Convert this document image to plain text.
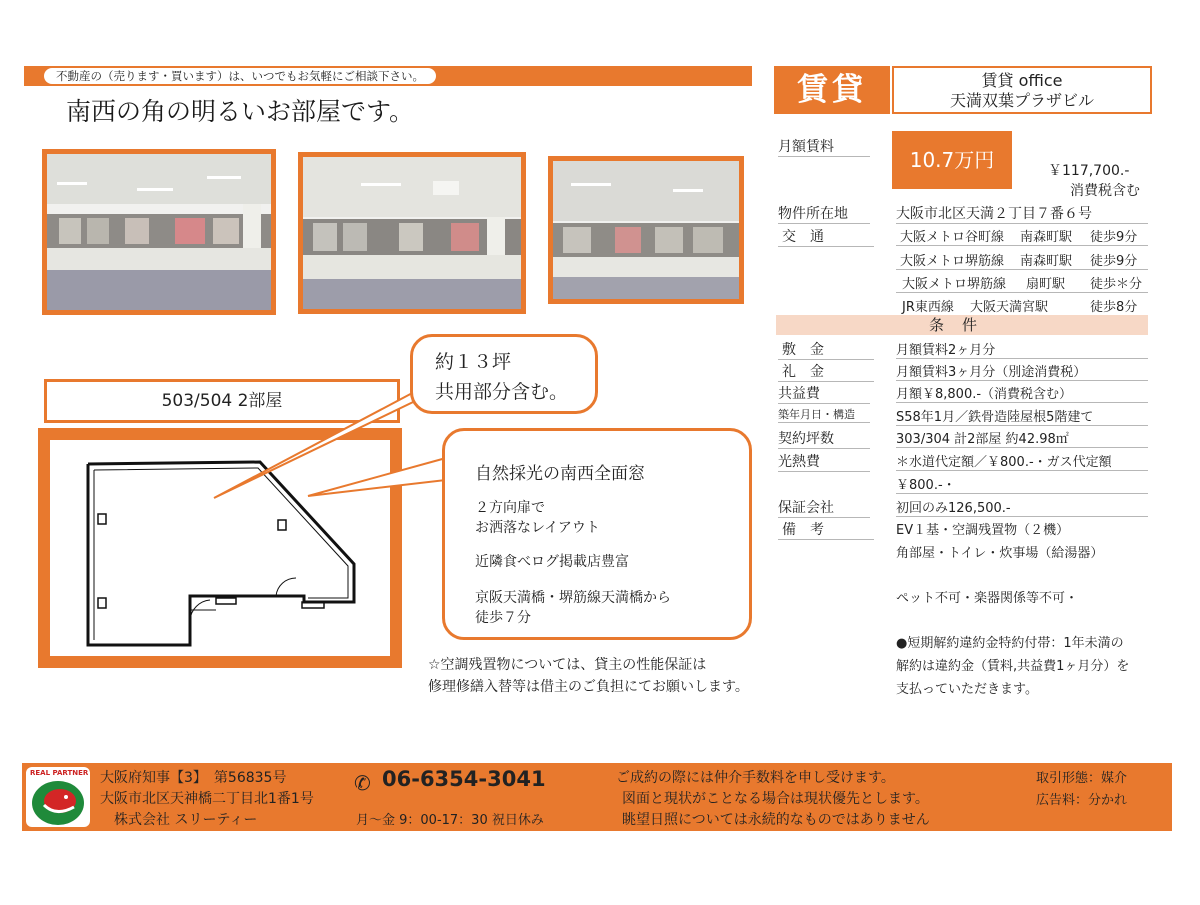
不動産の（売ります・買います）は、いつでもお気軽にご相談下さい。
南西の角の明るいお部屋です。
賃貸	賃貸 office
天満双葉プラザビル
月額賃料
10.7万円	￥117,700.-
消費税含む
物件所在地	大阪市北区天満２丁目７番６号
交　通	大阪メトロ谷町線 南森町駅 徒歩9分
大阪メトロ堺筋線 南森町駅 徒歩9分
大阪メトロ堺筋線 扇町駅 徒歩＊分
JR東西線 大阪天満宮駅	徒歩8分
条件
敷　金	月額賃料2ヶ月分
礼　金	月額賃料3ヶ月分（別途消費税）
共益費	月額￥8,800.-（消費税含む）
築年月日・構造	S58年1月／鉄骨造陸屋根5階建て
契約坪数	303/304 計2部屋 約42.98㎡
光熱費	＊水道代定額／￥800.-・ガス代定額
￥800.-・
保証会社	初回のみ126,500.-
備　考	EV１基・空調残置物（２機）
角部屋・トイレ・炊事場（給湯器）
ペット不可・楽器関係等不可・
●短期解約違約金特約付帯：1年未満の
解約は違約金（賃料,共益費1ヶ月分）を
支払っていただきます。
503/504 2部屋
約１３坪
共用部分含む。
自然採光の南西全面窓
２方向扉で
お洒落なレイアウト
近隣食べログ掲載店豊富
京阪天満橋・堺筋線天満橋から
徒歩７分
☆空調残置物については、貸主の性能保証は
修理修繕入替等は借主のご負担にてお願いします。
大阪府知事【3】　第56835号
大阪市北区天神橋二丁目北1番1号
株式会社 スリーティー
✆ 06-6354-3041
月〜金 9：00-17：30 祝日休み
ご成約の際には仲介手数料を申し受けます。
図面と現状がことなる場合は現状優先とします。
眺望日照については永続的なものではありません
取引形態：媒介
広告料：分かれ
REAL PARTNER
